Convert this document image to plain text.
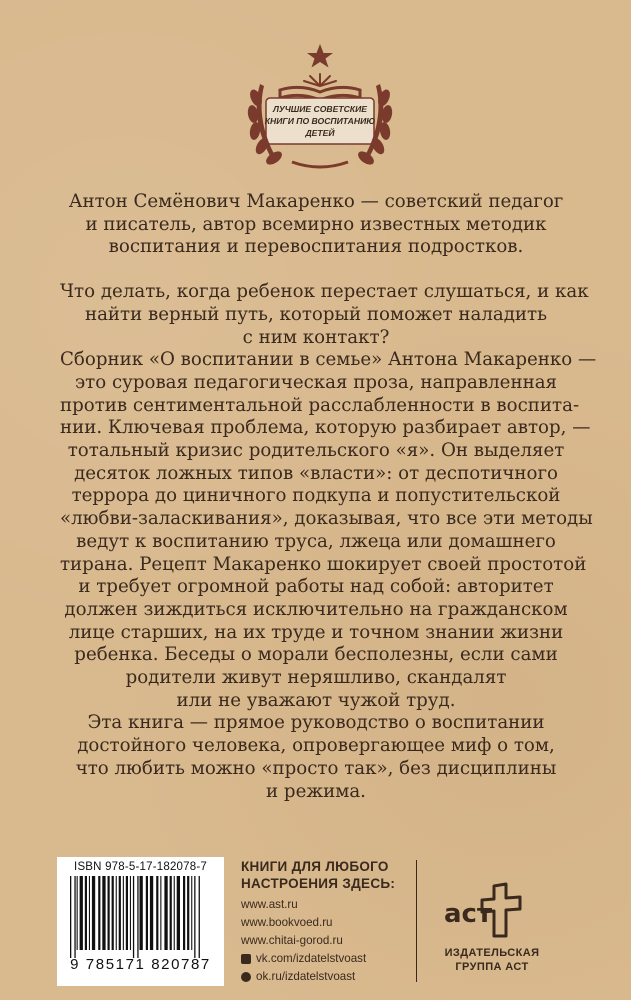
ЛУЧШИЕ СОВЕТСКИЕ
КНИГИ ПО ВОСПИТАНИЮ
ДЕТЕЙ

Антон Семёнович Макаренко — советский педагог
и писатель, автор всемирно известных методик
воспитания и перевоспитания подростков.

Что делать, когда ребенок перестает слушаться, и как
найти верный путь, который поможет наладить
с ним контакт?
Сборник «О воспитании в семье» Антона Макаренко —
это суровая педагогическая проза, направленная
против сентиментальной расслабленности в воспита-
нии. Ключевая проблема, которую разбирает автор, —
тотальный кризис родительского «я». Он выделяет
десяток ложных типов «власти»: от деспотичного
террора до циничного подкупа и попустительской
«любви-заласкивания», доказывая, что все эти методы
ведут к воспитанию труса, лжеца или домашнего
тирана. Рецепт Макаренко шокирует своей простотой
и требует огромной работы над собой: авторитет
должен зиждиться исключительно на гражданском
лице старших, на их труде и точном знании жизни
ребенка. Беседы о морали бесполезны, если сами
родители живут неряшливо, скандалят
или не уважают чужой труд.
Эта книга — прямое руководство о воспитании
достойного человека, опровергающее миф о том,
что любить можно «просто так», без дисциплины
и режима.

ISBN 978-5-17-182078-7
9 785171 820787
КНИГИ ДЛЯ ЛЮБОГО
НАСТРОЕНИЯ ЗДЕСЬ:
www.ast.ru
www.bookvoed.ru
www.chitai-gorod.ru
vk.com/izdatelstvoast
ok.ru/izdatelstvoast
аст
ИЗДАТЕЛЬСКАЯ
ГРУППА АСТ
